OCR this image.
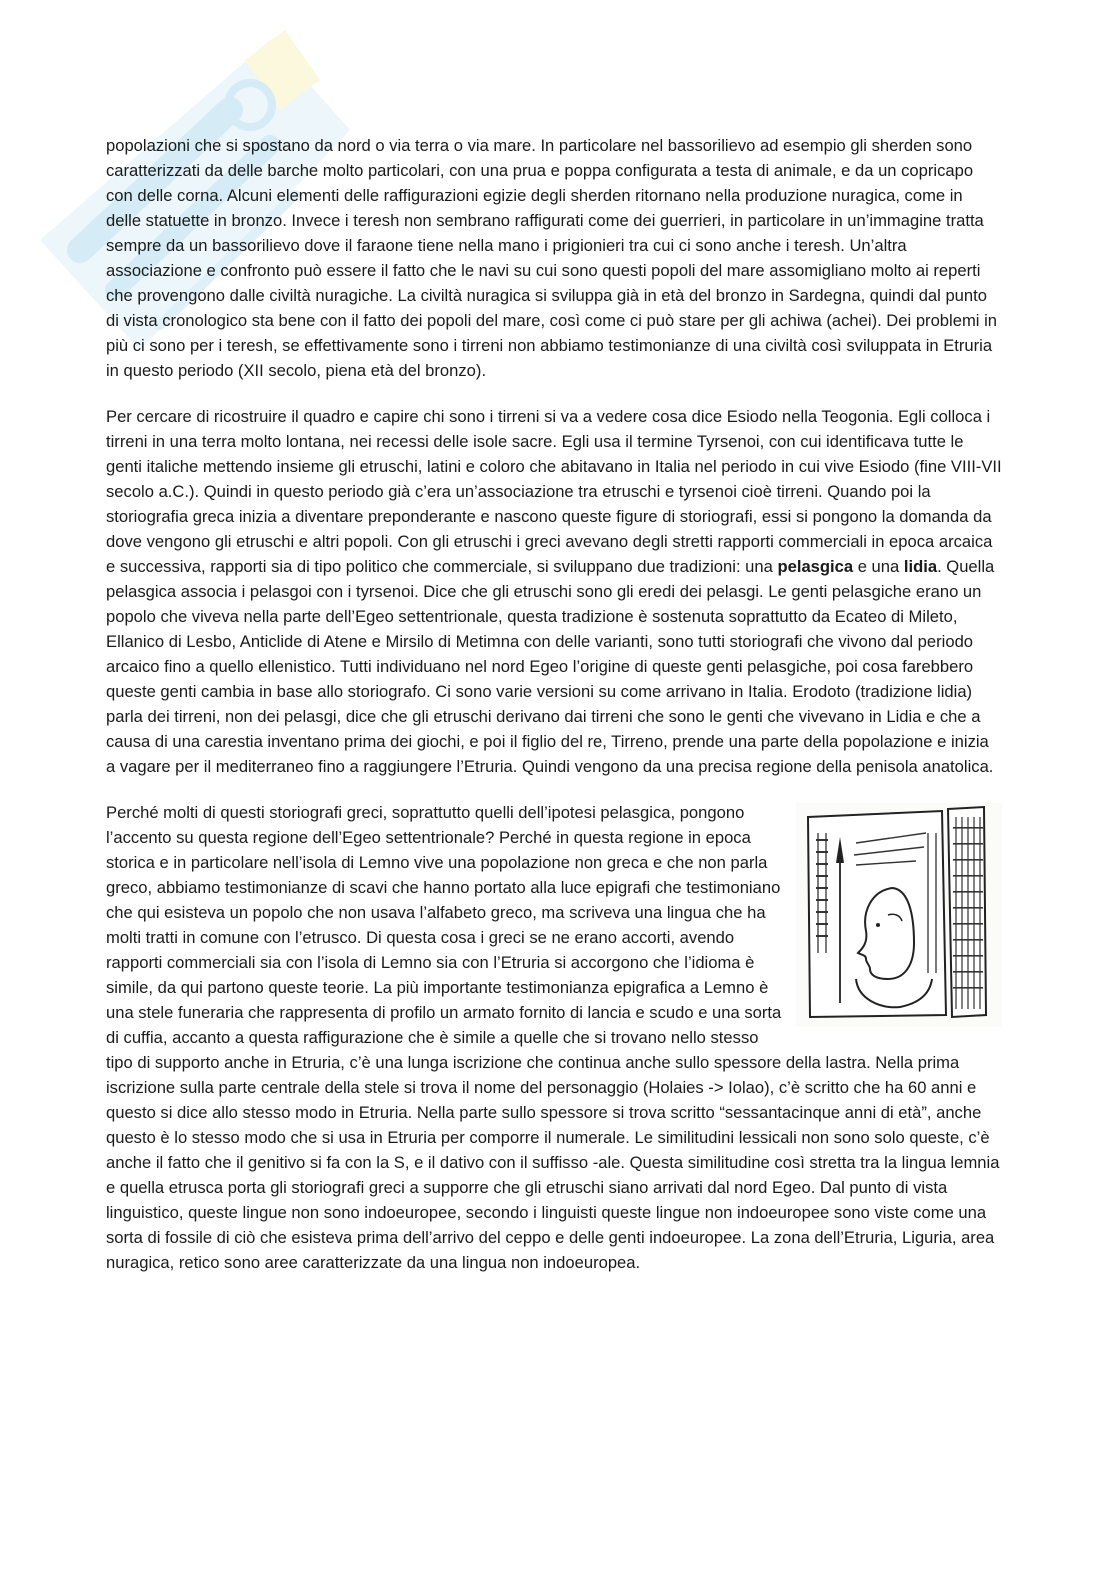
popolazioni che si spostano da nord o via terra o via mare. In particolare nel bassorilievo ad esempio gli sherden sono caratterizzati da delle barche molto particolari, con una prua e poppa configurata a testa di animale, e da un copricapo con delle corna. Alcuni elementi delle raffigurazioni egizie degli sherden ritornano nella produzione nuragica, come in delle statuette in bronzo. Invece i teresh non sembrano raffigurati come dei guerrieri, in particolare in un’immagine tratta sempre da un bassorilievo dove il faraone tiene nella mano i prigionieri tra cui ci sono anche i teresh. Un’altra associazione e confronto può essere il fatto che le navi su cui sono questi popoli del mare assomigliano molto ai reperti che provengono dalle civiltà nuragiche. La civiltà nuragica si sviluppa già in età del bronzo in Sardegna, quindi dal punto di vista cronologico sta bene con il fatto dei popoli del mare, così come ci può stare per gli achiwa (achei). Dei problemi in più ci sono per i teresh, se effettivamente sono i tirreni non abbiamo testimonianze di una civiltà così sviluppata in Etruria in questo periodo (XII secolo, piena età del bronzo).

Per cercare di ricostruire il quadro e capire chi sono i tirreni si va a vedere cosa dice Esiodo nella Teogonia. Egli colloca i tirreni in una terra molto lontana, nei recessi delle isole sacre. Egli usa il termine Tyrsenoi, con cui identificava tutte le genti italiche mettendo insieme gli etruschi, latini e coloro che abitavano in Italia nel periodo in cui vive Esiodo (fine VIII-VII secolo a.C.). Quindi in questo periodo già c’era un’associazione tra etruschi e tyrsenoi cioè tirreni. Quando poi la storiografia greca inizia a diventare preponderante e nascono queste figure di storiografi, essi si pongono la domanda da dove vengono gli etruschi e altri popoli. Con gli etruschi i greci avevano degli stretti rapporti commerciali in epoca arcaica e successiva, rapporti sia di tipo politico che commerciale, si sviluppano due tradizioni: una pelasgica e una lidia. Quella pelasgica associa i pelasgoi con i tyrsenoi. Dice che gli etruschi sono gli eredi dei pelasgi. Le genti pelasgiche erano un popolo che viveva nella parte dell’Egeo settentrionale, questa tradizione è sostenuta soprattutto da Ecateo di Mileto, Ellanico di Lesbo, Anticlide di Atene e Mirsilo di Metimna con delle varianti, sono tutti storiografi che vivono dal periodo arcaico fino a quello ellenistico. Tutti individuano nel nord Egeo l’origine di queste genti pelasgiche, poi cosa farebbero queste genti cambia in base allo storiografo. Ci sono varie versioni su come arrivano in Italia. Erodoto (tradizione lidia) parla dei tirreni, non dei pelasgi, dice che gli etruschi derivano dai tirreni che sono le genti che vivevano in Lidia e che a causa di una carestia inventano prima dei giochi, e poi il figlio del re, Tirreno, prende una parte della popolazione e inizia a vagare per il mediterraneo fino a raggiungere l’Etruria. Quindi vengono da una precisa regione della penisola anatolica.

Perché molti di questi storiografi greci, soprattutto quelli dell’ipotesi pelasgica, pongono l’accento su questa regione dell’Egeo settentrionale? Perché in questa regione in epoca storica e in particolare nell’isola di Lemno vive una popolazione non greca e che non parla greco, abbiamo testimonianze di scavi che hanno portato alla luce epigrafi che testimoniano che qui esisteva un popolo che non usava l’alfabeto greco, ma scriveva una lingua che ha molti tratti in comune con l’etrusco. Di questa cosa i greci se ne erano accorti, avendo rapporti commerciali sia con l’isola di Lemno sia con l’Etruria si accorgono che l’idioma è simile, da qui partono queste teorie. La più importante testimonianza epigrafica a Lemno è una stele funeraria che rappresenta di profilo un armato fornito di lancia e scudo e una sorta di cuffia, accanto a questa raffigurazione che è simile a quelle che si trovano nello stesso tipo di supporto anche in Etruria, c’è una lunga iscrizione che continua anche sullo spessore della lastra. Nella prima iscrizione sulla parte centrale della stele si trova il nome del personaggio (Holaies -> Iolao), c’è scritto che ha 60 anni e questo si dice allo stesso modo in Etruria. Nella parte sullo spessore si trova scritto “sessantacinque anni di età”, anche questo è lo stesso modo che si usa in Etruria per comporre il numerale. Le similitudini lessicali non sono solo queste, c’è anche il fatto che il genitivo si fa con la S, e il dativo con il suffisso -ale. Questa similitudine così stretta tra la lingua lemnia e quella etrusca porta gli storiografi greci a supporre che gli etruschi siano arrivati dal nord Egeo. Dal punto di vista linguistico, queste lingue non sono indoeuropee, secondo i linguisti queste lingue non indoeuropee sono viste come una sorta di fossile di ciò che esisteva prima dell’arrivo del ceppo e delle genti indoeuropee. La zona dell’Etruria, Liguria, area nuragica, retico sono aree caratterizzate da una lingua non indoeuropea.
